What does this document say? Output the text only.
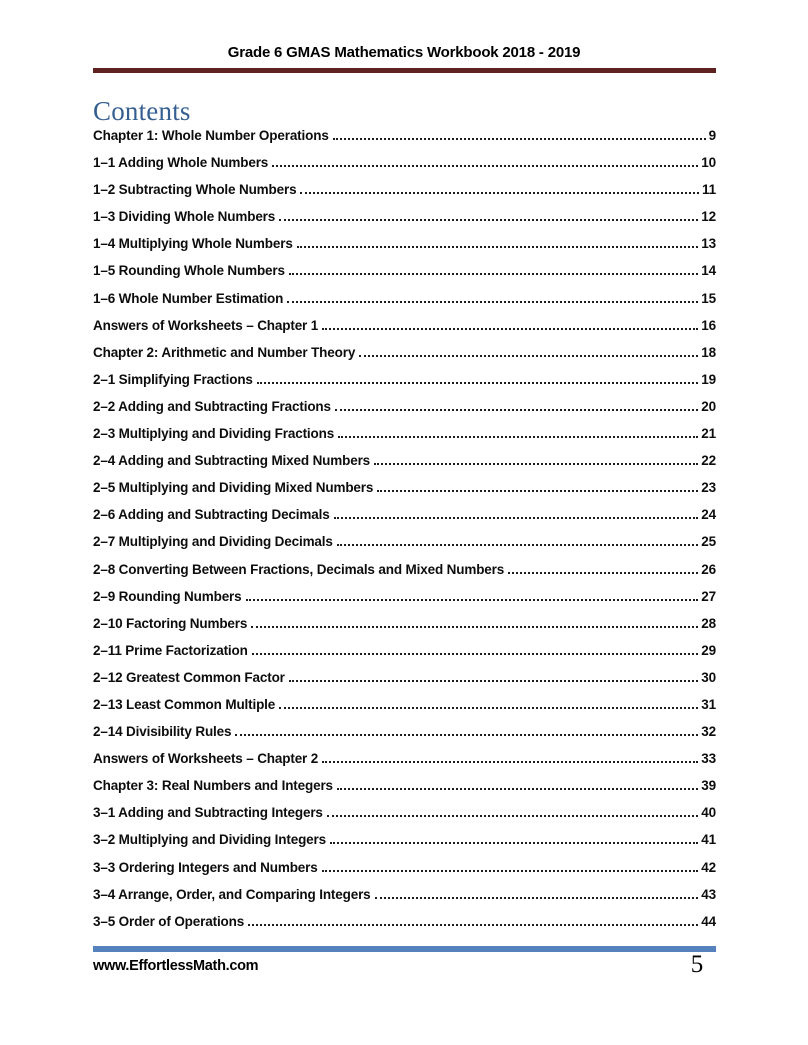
Grade 6 GMAS Mathematics Workbook 2018 - 2019
Contents
Chapter 1: Whole Number Operations	9
1–1 Adding Whole Numbers	10
1–2 Subtracting Whole Numbers	11
1–3 Dividing Whole Numbers	12
1–4 Multiplying Whole Numbers	13
1–5 Rounding Whole Numbers	14
1–6 Whole Number Estimation	15
Answers of Worksheets – Chapter 1	16
Chapter 2: Arithmetic and Number Theory	18
2–1 Simplifying Fractions	19
2–2 Adding and Subtracting Fractions	20
2–3 Multiplying and Dividing Fractions	21
2–4 Adding and Subtracting Mixed Numbers	22
2–5 Multiplying and Dividing Mixed Numbers	23
2–6 Adding and Subtracting Decimals	24
2–7 Multiplying and Dividing Decimals	25
2–8 Converting Between Fractions, Decimals and Mixed Numbers	26
2–9 Rounding Numbers	27
2–10 Factoring Numbers	28
2–11 Prime Factorization	29
2–12 Greatest Common Factor	30
2–13 Least Common Multiple	31
2–14 Divisibility Rules	32
Answers of Worksheets – Chapter 2	33
Chapter 3: Real Numbers and Integers	39
3–1 Adding and Subtracting Integers	40
3–2 Multiplying and Dividing Integers	41
3–3 Ordering Integers and Numbers	42
3–4 Arrange, Order, and Comparing Integers	43
3–5 Order of Operations	44
www.EffortlessMath.com	5
